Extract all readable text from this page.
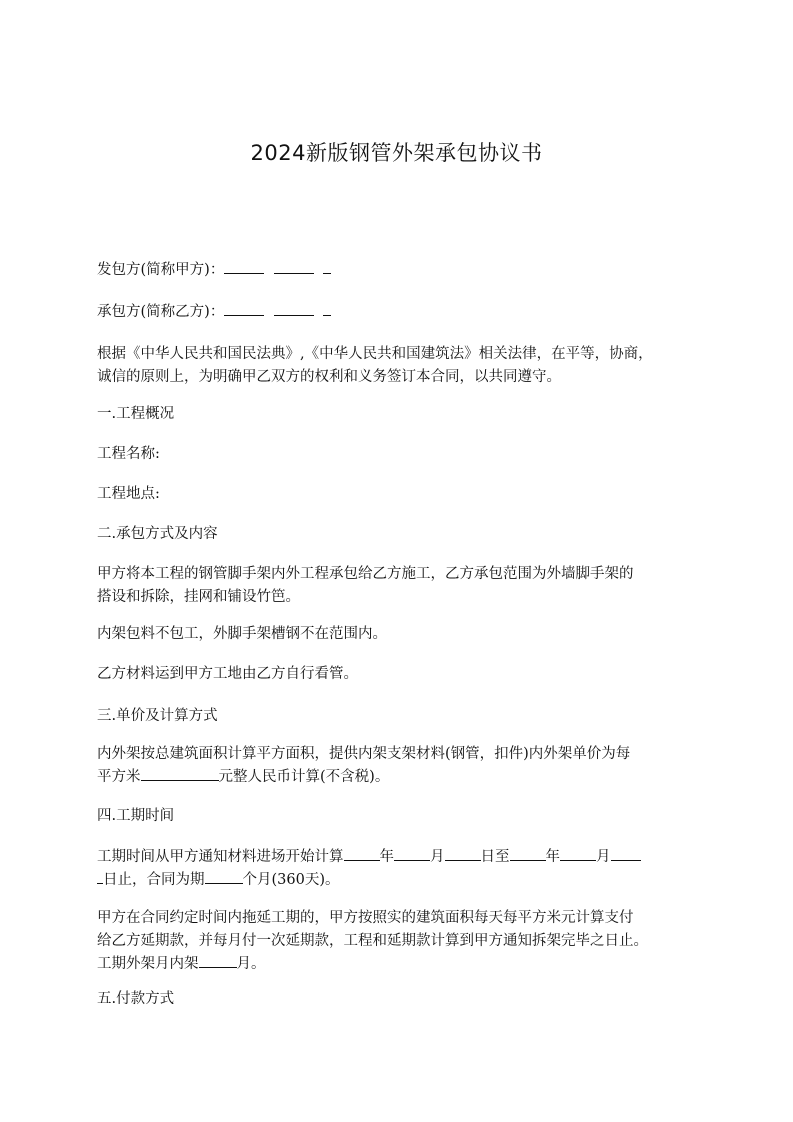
2024新版钢管外架承包协议书
发包方(简称甲方)：
承包方(简称乙方)：
根据《中华人民共和国民法典》,《中华人民共和国建筑法》相关法律，在平等，协商，
诚信的原则上，为明确甲乙双方的权利和义务签订本合同，以共同遵守。
一.工程概况
工程名称:
工程地点:
二.承包方式及内容
甲方将本工程的钢管脚手架内外工程承包给乙方施工，乙方承包范围为外墙脚手架的
搭设和拆除，挂网和铺设竹笆。
内架包料不包工，外脚手架槽钢不在范围内。
乙方材料运到甲方工地由乙方自行看管。
三.单价及计算方式
内外架按总建筑面积计算平方面积，提供内架支架材料(钢管，扣件)内外架单价为每
平方米	元整人民币计算(不含税)。
四.工期时间
工期时间从甲方通知材料进场开始计算 年 月 日至 年 月
日止，合同为期	个月(360天)。
甲方在合同约定时间内拖延工期的，甲方按照实的建筑面积每天每平方米元计算支付
给乙方延期款，并每月付一次延期款，工程和延期款计算到甲方通知拆架完毕之日止。
工期外架月内架	月。
五.付款方式
